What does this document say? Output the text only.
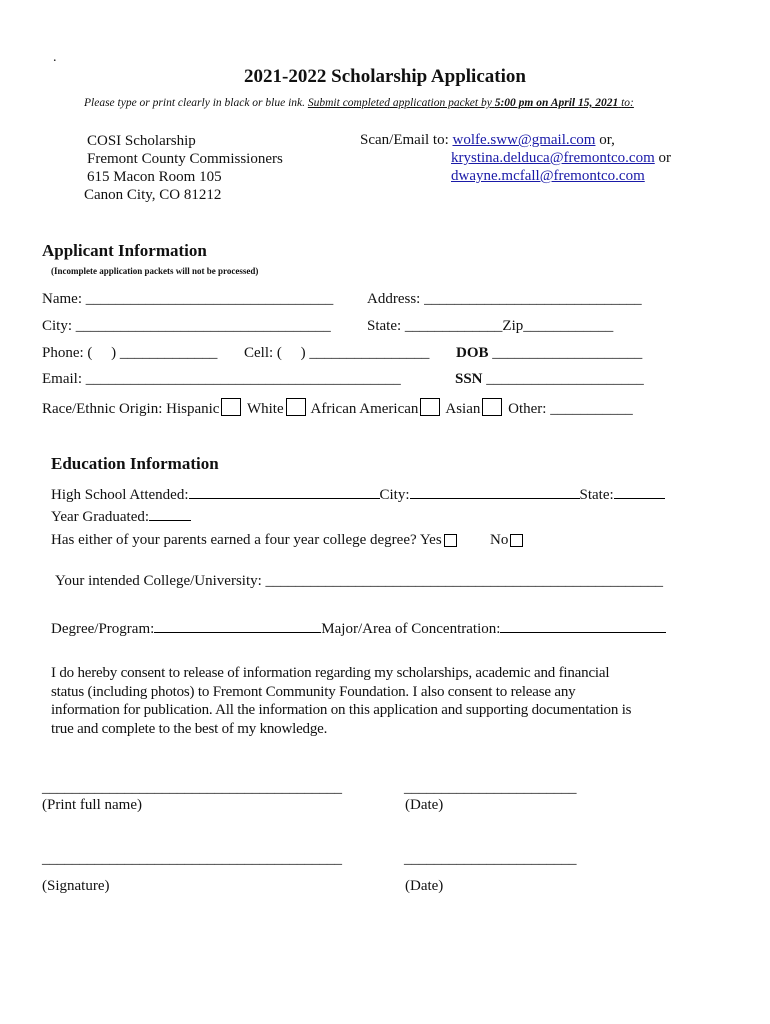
.
2021-2022 Scholarship Application
Please type or print clearly in black or blue ink. Submit completed application packet by 5:00 pm on April 15, 2021 to:
COSI Scholarship
Fremont County Commissioners
615 Macon Room 105
Canon City, CO 81212
Scan/Email to: wolfe.sww@gmail.com or,
krystina.delduca@fremontco.com or
dwayne.mcfall@fremontco.com
Applicant Information
(Incomplete application packets will not be processed)
Name: _________________________________ Address: _____________________________
City: __________________________________ State: _____________Zip____________
Phone: (     ) _____________ Cell: (     ) ________________ DOB ____________________
Email: __________________________________________	SSN _____________________
Race/Ethnic Origin: Hispanic White African American Asian Other: ___________
Education Information
High School Attended:	City:	State:
Year Graduated:
Has either of your parents earned a four year college degree? Yes	No
Your intended College/University: _____________________________________________________
Degree/Program:	Major/Area of Concentration:
I do hereby consent to release of information regarding my scholarships, academic and financial
status (including photos) to Fremont Community Foundation. I also consent to release any
information for publication. All the information on this application and supporting documentation is
true and complete to the best of my knowledge.
________________________________________	_______________________
(Print full name)	(Date)
________________________________________	_______________________
(Signature)	(Date)
